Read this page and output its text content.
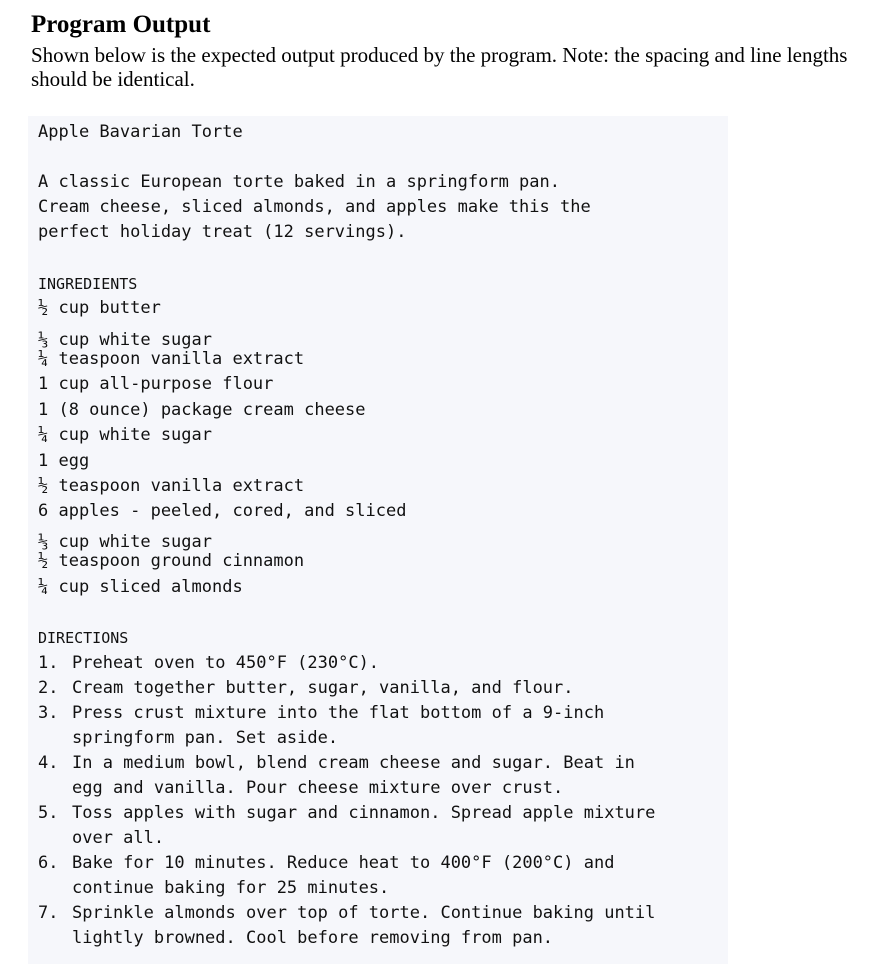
Program Output

Shown below is the expected output produced by the program. Note: the spacing and line lengths should be identical.

Apple Bavarian Torte
A classic European torte baked in a springform pan.
Cream cheese, sliced almonds, and apples make this the
perfect holiday treat (12 servings).
INGREDIENTS
½ cup butter
⅓ cup white sugar
¼ teaspoon vanilla extract
1 cup all-purpose flour
1 (8 ounce) package cream cheese
¼ cup white sugar
1 egg
½ teaspoon vanilla extract
6 apples - peeled, cored, and sliced
⅓ cup white sugar
½ teaspoon ground cinnamon
¼ cup sliced almonds
DIRECTIONS
1. Preheat oven to 450°F (230°C).
2. Cream together butter, sugar, vanilla, and flour.
3. Press crust mixture into the flat bottom of a 9-inch
springform pan. Set aside.
4. In a medium bowl, blend cream cheese and sugar. Beat in
egg and vanilla. Pour cheese mixture over crust.
5. Toss apples with sugar and cinnamon. Spread apple mixture
over all.
6. Bake for 10 minutes. Reduce heat to 400°F (200°C) and
continue baking for 25 minutes.
7. Sprinkle almonds over top of torte. Continue baking until
lightly browned. Cool before removing from pan.
